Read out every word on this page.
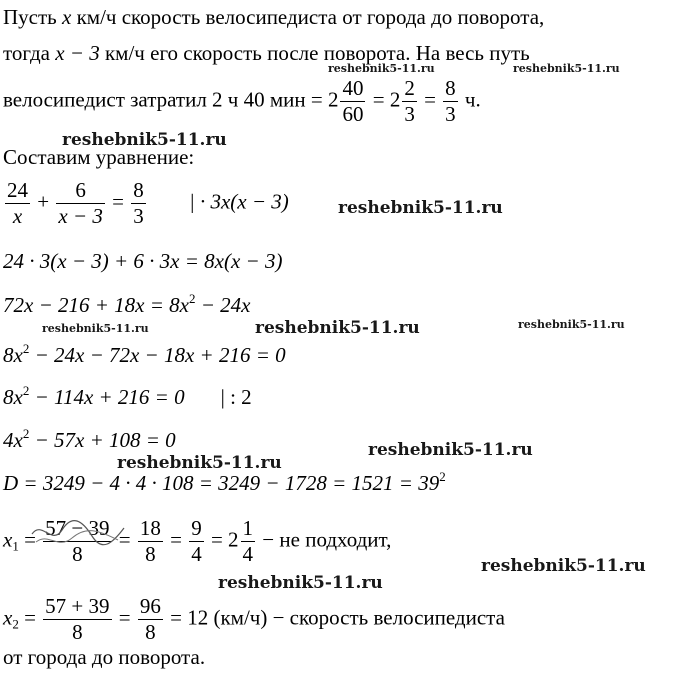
Пусть x км/ч скорость велосипедиста от города до поворота,
тогда x − 3 км/ч его скорость после поворота. На весь путь
велосипедист затратил 2 ч 40 мин = $2 \frac{40}{60} = 2 \frac{2}{3} = \frac{8}{3} ч$.
Составим уравнение:
$\frac{24}{x} + \frac{6}{x - 3} = \frac{8}{3}$ | · 3x(x − 3)
24 · 3(x − 3) + 6 · 3x = 8x(x − 3)
$72x - 216 + 18x = 8x^2 - 24x$
$8x^2 - 24x - 72x - 18x + 216 = 0$
$8x^2 - 114x + 216 = 0$ | : 2
$4x^2 - 57x + 108 = 0$
$D = 3249 - 4 \cdot 4 \cdot 108 = 3249 - 1728 = 1521 = 39^2$
$x_1 = \frac{57 - 39}{8} = \frac{18}{8} = \frac{9}{4} = 2 \frac{1}{4}$ − не подходит,
$x_2 = \frac{57 + 39}{8} = \frac{96}{8} = 12$ (км/ч) − скорость велосипедиста
от города до поворота.
reshebnik5-11.ru	reshebnik5-11.ru
reshebnik5-11.ru
reshebnik5-11.ru
reshebnik5-11.ru	reshebnik5-11.ru	reshebnik5-11.ru
reshebnik5-11.ru
reshebnik5-11.ru
reshebnik5-11.ru
reshebnik5-11.ru
